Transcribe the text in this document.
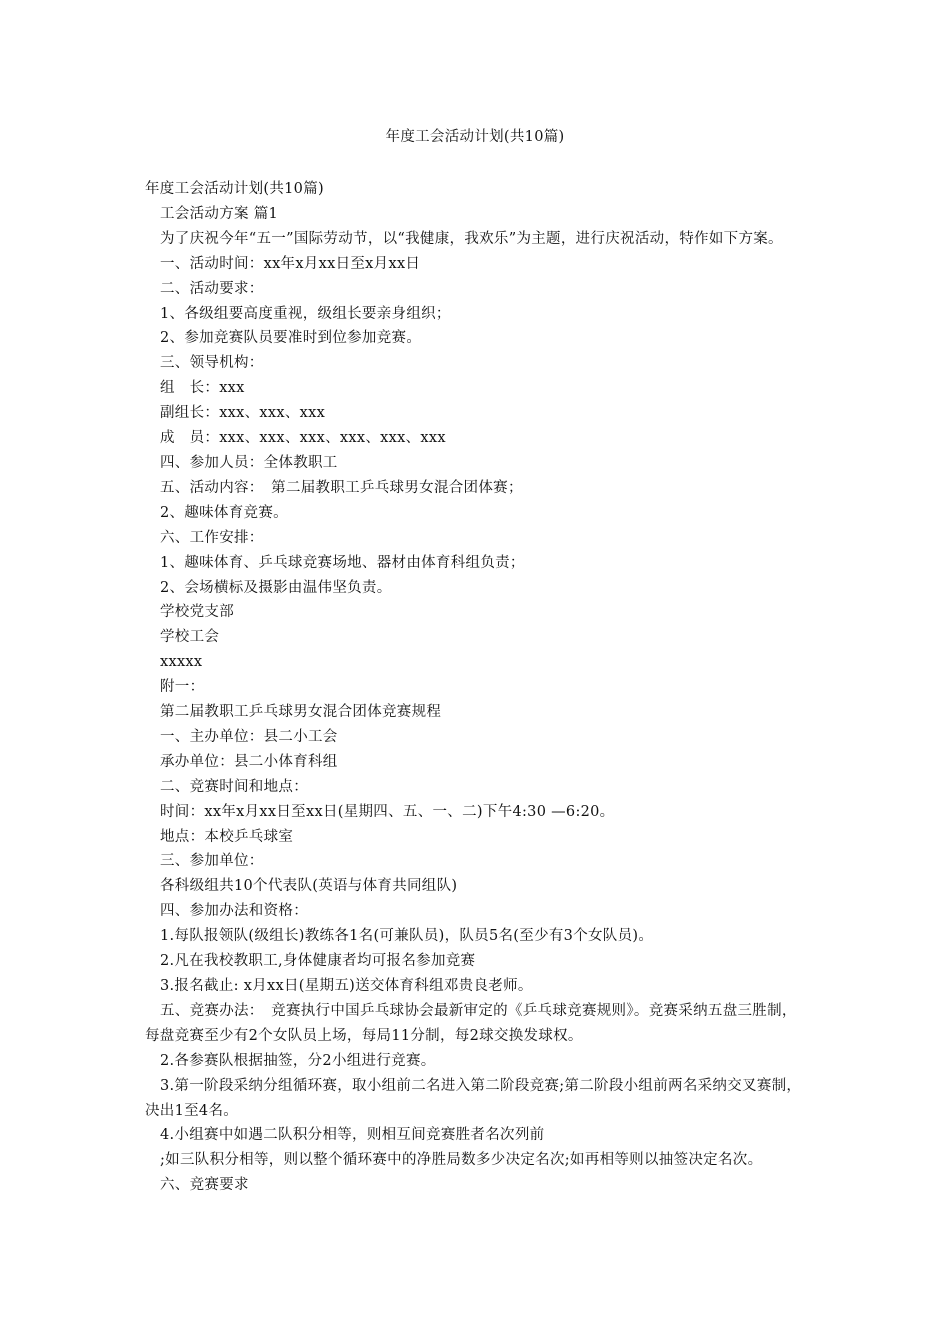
年度工会活动计划(共10篇)

年度工会活动计划(共10篇)

工会活动方案 篇1

为了庆祝今年“五一”国际劳动节，以“我健康，我欢乐”为主题，进行庆祝活动，特作如下方案。

一、活动时间：xx年x月xx日至x月xx日

二、活动要求：

1、各级组要高度重视，级组长要亲身组织；

2、参加竞赛队员要准时到位参加竞赛。

三、领导机构：

组　长：xxx

副组长：xxx、xxx、xxx

成　员：xxx、xxx、xxx、xxx、xxx、xxx

四、参加人员：全体教职工

五、活动内容：　第二届教职工乒乓球男女混合团体赛；

2、趣味体育竞赛。

六、工作安排：

1、趣味体育、乒乓球竞赛场地、器材由体育科组负责；

2、会场横标及摄影由温伟坚负责。

学校党支部

学校工会

xxxxx

附一：

第二届教职工乒乓球男女混合团体竞赛规程

一、主办单位：县二小工会

承办单位：县二小体育科组

二、竞赛时间和地点：

时间：xx年x月xx日至xx日(星期四、五、一、二)下午4:30 —6:20。

地点：本校乒乓球室

三、参加单位：

各科级组共10个代表队(英语与体育共同组队)

四、参加办法和资格：

1.每队报领队(级组长)教练各1名(可兼队员)，队员5名(至少有3个女队员)。

2.凡在我校教职工,身体健康者均可报名参加竞赛

3.报名截止: x月xx日(星期五)送交体育科组邓贵良老师。

五、竞赛办法：　竞赛执行中国乒乓球协会最新审定的《乒乓球竞赛规则》。竞赛采纳五盘三胜制，每盘竞赛至少有2个女队员上场，每局11分制，每2球交换发球权。

2.各参赛队根据抽签，分2小组进行竞赛。

3.第一阶段采纳分组循环赛，取小组前二名进入第二阶段竞赛;第二阶段小组前两名采纳交叉赛制，决出1至4名。

4.小组赛中如遇二队积分相等，则相互间竞赛胜者名次列前

;如三队积分相等，则以整个循环赛中的净胜局数多少决定名次;如再相等则以抽签决定名次。

六、竞赛要求
